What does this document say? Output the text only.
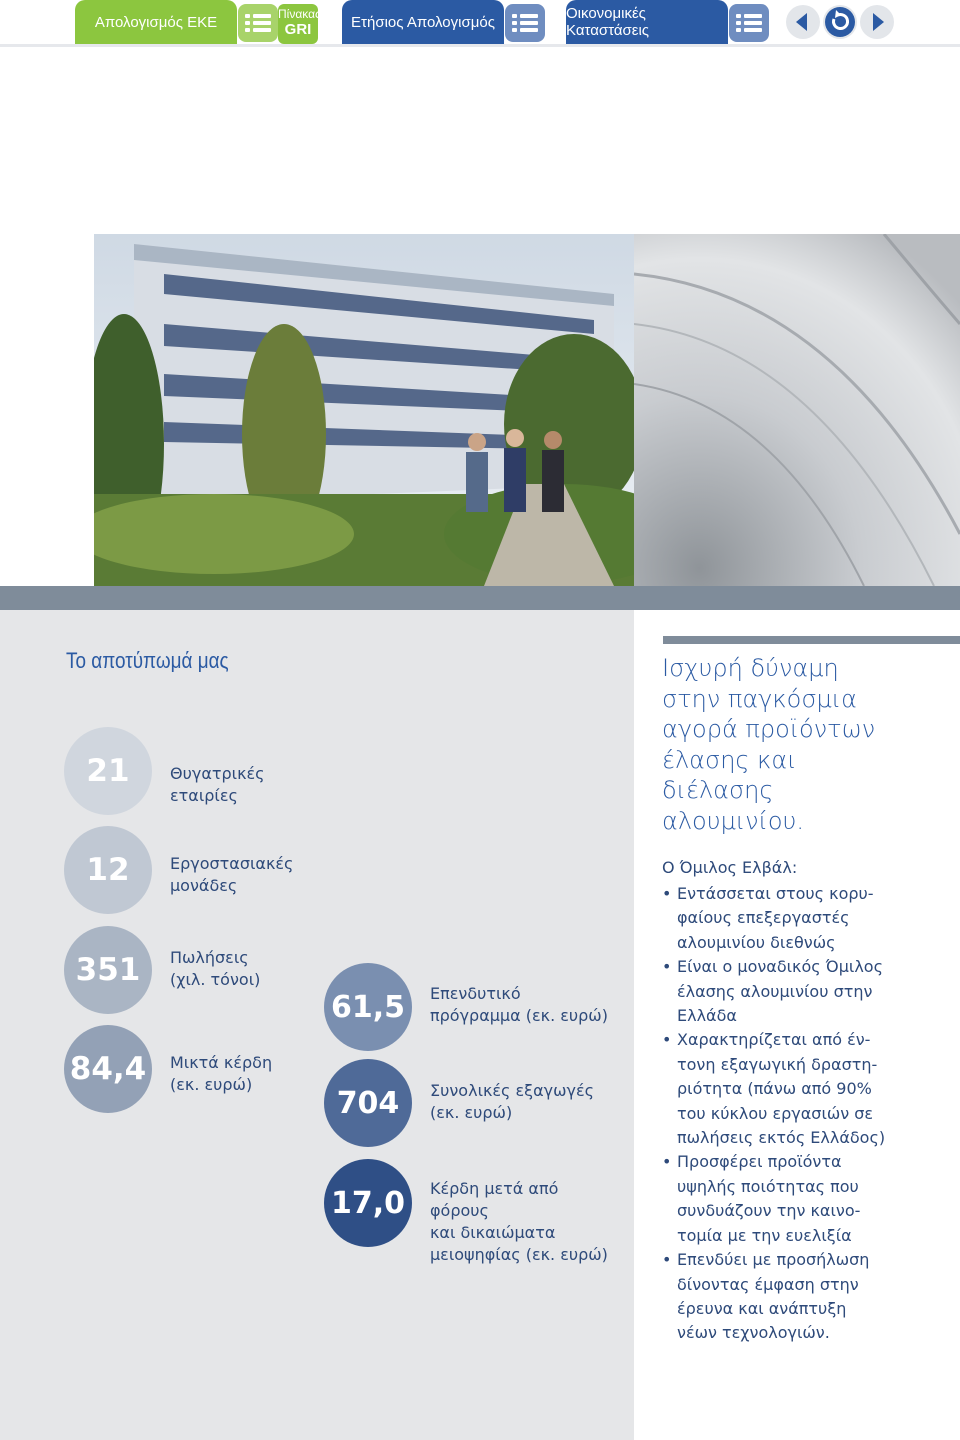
Απολογισμός ΕΚΕ	Πίνακας
GRI	Ετήσιος Απολογισμός	Οικονομικές Καταστάσεις
Το αποτύπωμά μας
21	Θυγατρικές
εταιρίες
12	Εργοστασιακές
μονάδες
351 Πωλήσεις
(χιλ. τόνοι)
84,4 Μικτά κέρδη
(εκ. ευρώ)
61,5 Επενδυτικό
πρόγραμμα (εκ. ευρώ)
704 Συνολικές εξαγωγές
(εκ. ευρώ)
17,0 Κέρδη μετά από
φόρους
και δικαιώματα
μειοψηφίας (εκ. ευρώ)
Ισχυρή δύναμη
στην παγκόσμια
αγορά προϊόντων
έλασης και
διέλασης
αλουμινίου.
Ο Όμιλος Ελβάλ:
• Εντάσσεται στους κορυ-
φαίους επεξεργαστές
αλουμινίου διεθνώς
• Είναι ο μοναδικός Όμιλος
έλασης αλουμινίου στην
Ελλάδα
• Χαρακτηρίζεται από έν-
τονη εξαγωγική δραστη-
ριότητα (πάνω από 90%
του κύκλου εργασιών σε
πωλήσεις εκτός Ελλάδος)
• Προσφέρει προϊόντα
υψηλής ποιότητας που
συνδυάζουν την καινο-
τομία με την ευελιξία
• Επενδύει με προσήλωση
δίνοντας έμφαση στην
έρευνα και ανάπτυξη
νέων τεχνολογιών.
